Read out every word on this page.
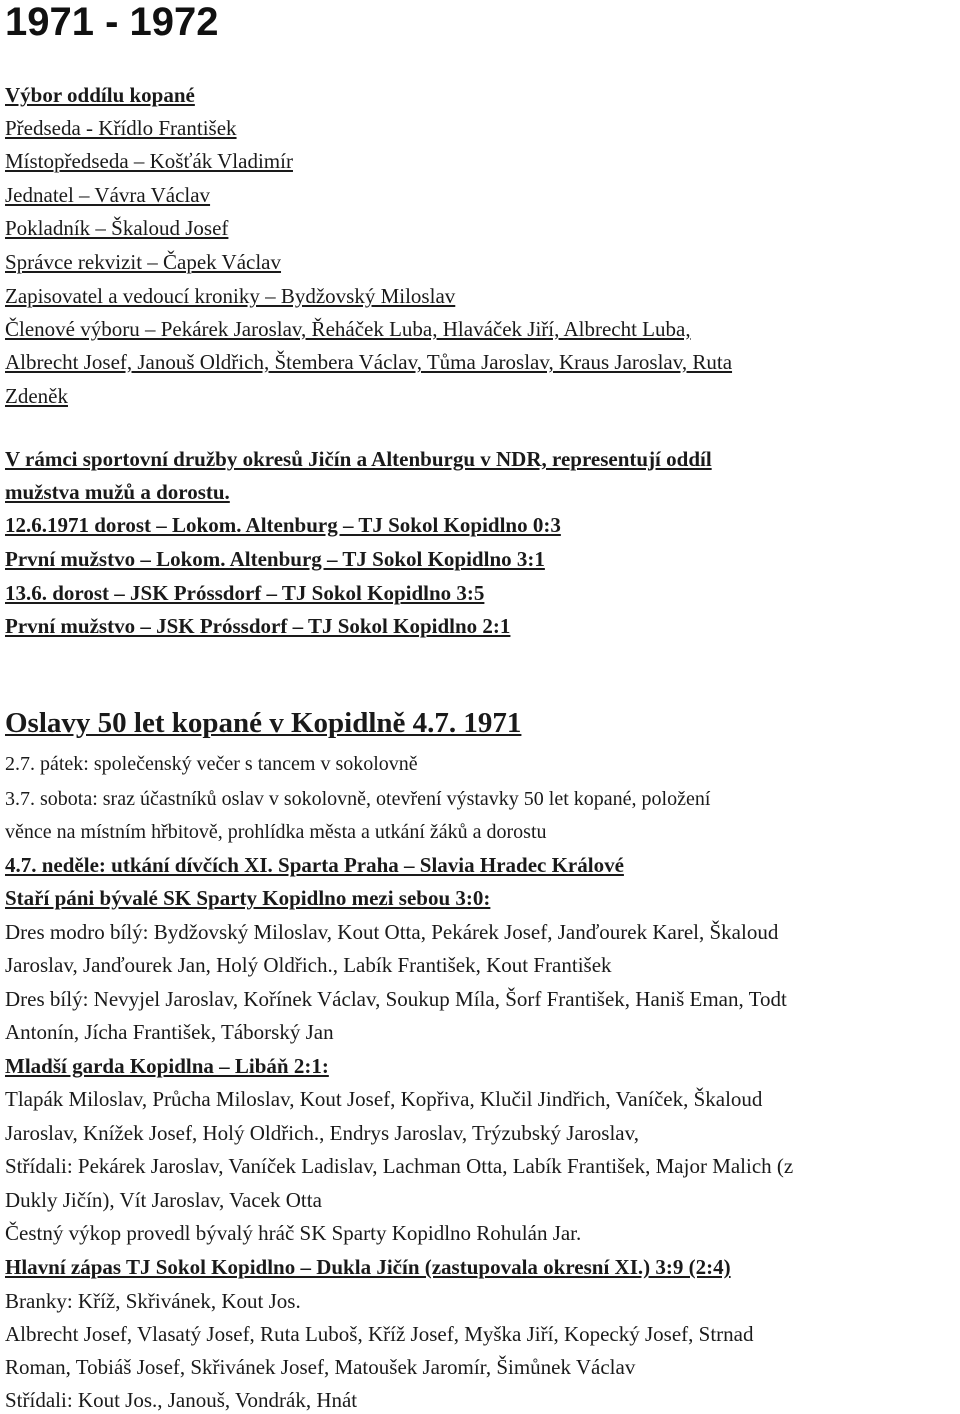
1971 - 1972
Výbor oddílu kopané
Předseda - Křídlo František
Místopředseda – Košťák Vladimír
Jednatel – Vávra Václav
Pokladník – Škaloud Josef
Správce rekvizit – Čapek Václav
Zapisovatel a vedoucí kroniky – Bydžovský Miloslav
Členové výboru – Pekárek Jaroslav, Řeháček Luba, Hlaváček Jiří, Albrecht Luba,
Albrecht Josef, Janouš Oldřich, Štembera Václav, Tůma Jaroslav, Kraus Jaroslav, Ruta
Zdeněk
V rámci sportovní družby okresů Jičín a Altenburgu v NDR, representují oddíl
mužstva mužů a dorostu.
12.6.1971 dorost – Lokom. Altenburg – TJ Sokol Kopidlno 0:3
První mužstvo – Lokom. Altenburg – TJ Sokol Kopidlno 3:1
13.6. dorost – JSK Próssdorf – TJ Sokol Kopidlno 3:5
První mužstvo – JSK Próssdorf – TJ Sokol Kopidlno 2:1
Oslavy 50 let kopané v Kopidlně 4.7. 1971
2.7. pátek: společenský večer s tancem v sokolovně
3.7. sobota: sraz účastníků oslav v sokolovně, otevření výstavky 50 let kopané, položení
věnce na místním hřbitově, prohlídka města a utkání žáků a dorostu
4.7. neděle: utkání dívčích XI. Sparta Praha – Slavia Hradec Králové
Staří páni bývalé SK Sparty Kopidlno mezi sebou 3:0:
Dres modro bílý: Bydžovský Miloslav, Kout Otta, Pekárek Josef, Janďourek Karel, Škaloud
Jaroslav, Janďourek Jan, Holý Oldřich., Labík František, Kout František
Dres bílý: Nevyjel Jaroslav, Kořínek Václav, Soukup Míla, Šorf František, Haniš Eman, Todt
Antonín, Jícha František, Táborský Jan
Mladší garda Kopidlna – Libáň 2:1:
Tlapák Miloslav, Průcha Miloslav, Kout Josef, Kopřiva, Klučil Jindřich, Vaníček, Škaloud
Jaroslav, Knížek Josef, Holý Oldřich., Endrys Jaroslav, Trýzubský Jaroslav,
Střídali: Pekárek Jaroslav, Vaníček Ladislav, Lachman Otta, Labík František, Major Malich (z
Dukly Jičín), Vít Jaroslav, Vacek Otta
Čestný výkop provedl bývalý hráč SK Sparty Kopidlno Rohulán Jar.
Hlavní zápas TJ Sokol Kopidlno – Dukla Jičín (zastupovala okresní XI.) 3:9 (2:4)
Branky: Kříž, Skřivánek, Kout Jos.
Albrecht Josef, Vlasatý Josef, Ruta Luboš, Kříž Josef, Myška Jiří, Kopecký Josef, Strnad
Roman, Tobiáš Josef, Skřivánek Josef, Matoušek Jaromír, Šimůnek Václav
Střídali: Kout Jos., Janouš, Vondrák, Hnát
